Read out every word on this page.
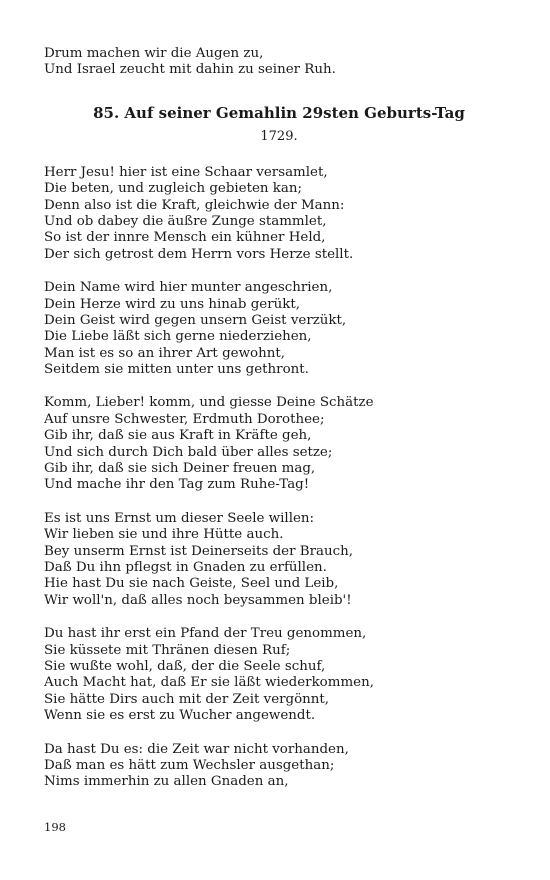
Drum machen wir die Augen zu,
Und Israel zeucht mit dahin zu seiner Ruh.
85. Auf seiner Gemahlin 29sten Geburts-Tag
1729.
Herr Jesu! hier ist eine Schaar versamlet,
Die beten, und zugleich gebieten kan;
Denn also ist die Kraft, gleichwie der Mann:
Und ob dabey die äußre Zunge stammlet,
So ist der innre Mensch ein kühner Held,
Der sich getrost dem Herrn vors Herze stellt.
Dein Name wird hier munter angeschrien,
Dein Herze wird zu uns hinab gerükt,
Dein Geist wird gegen unsern Geist verzükt,
Die Liebe läßt sich gerne niederziehen,
Man ist es so an ihrer Art gewohnt,
Seitdem sie mitten unter uns gethront.
Komm, Lieber! komm, und giesse Deine Schätze
Auf unsre Schwester, Erdmuth Dorothee;
Gib ihr, daß sie aus Kraft in Kräfte geh,
Und sich durch Dich bald über alles setze;
Gib ihr, daß sie sich Deiner freuen mag,
Und mache ihr den Tag zum Ruhe-Tag!
Es ist uns Ernst um dieser Seele willen:
Wir lieben sie und ihre Hütte auch.
Bey unserm Ernst ist Deinerseits der Brauch,
Daß Du ihn pflegst in Gnaden zu erfüllen.
Hie hast Du sie nach Geiste, Seel und Leib,
Wir woll'n, daß alles noch beysammen bleib'!
Du hast ihr erst ein Pfand der Treu genommen,
Sie küssete mit Thränen diesen Ruf;
Sie wußte wohl, daß, der die Seele schuf,
Auch Macht hat, daß Er sie läßt wiederkommen,
Sie hätte Dirs auch mit der Zeit vergönnt,
Wenn sie es erst zu Wucher angewendt.
Da hast Du es: die Zeit war nicht vorhanden,
Daß man es hätt zum Wechsler ausgethan;
Nims immerhin zu allen Gnaden an,
198
